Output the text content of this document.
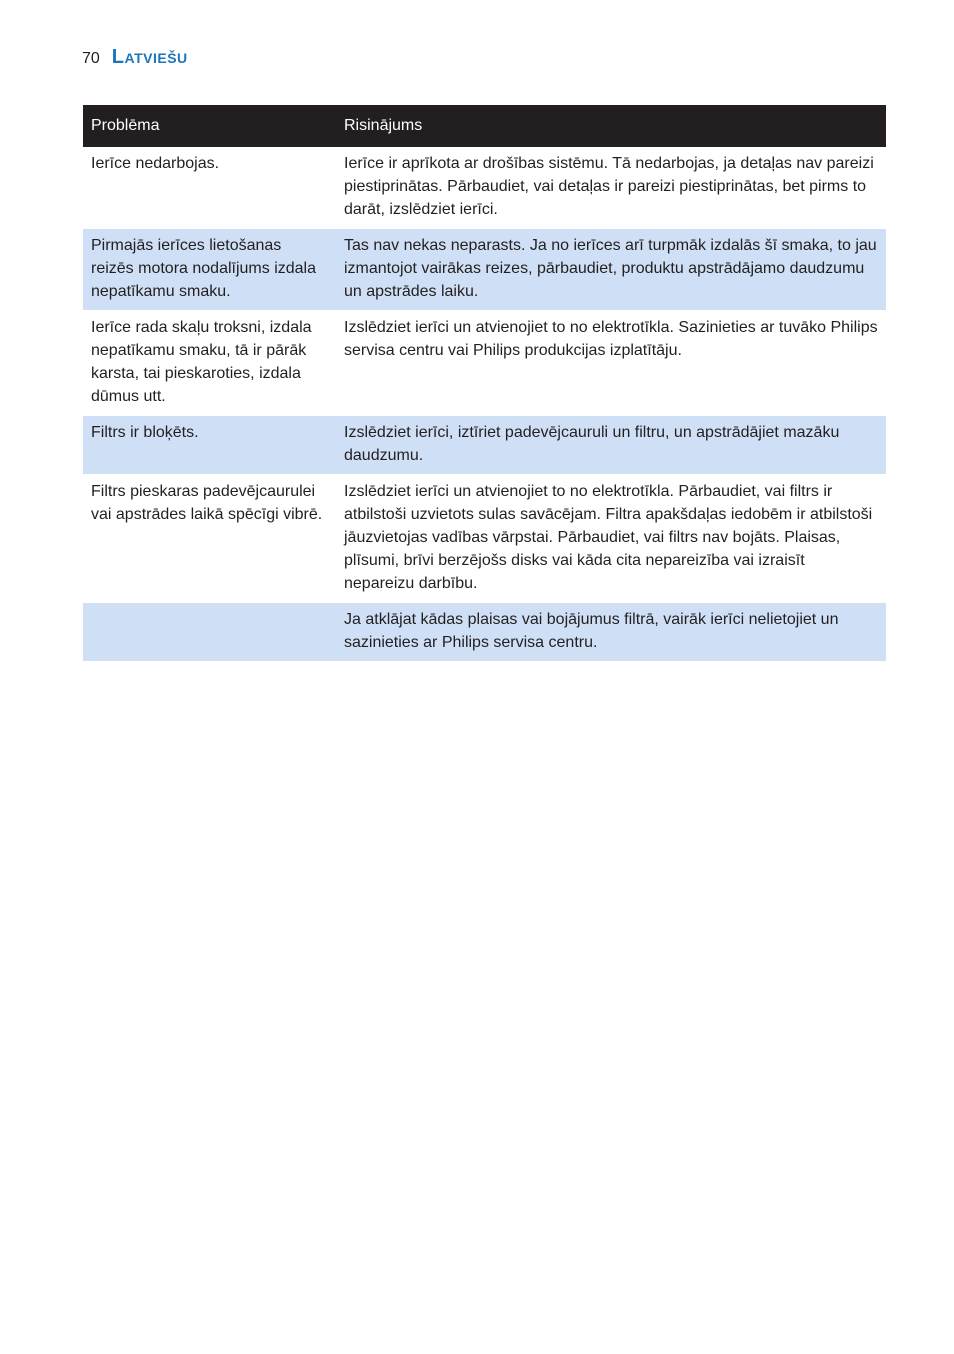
70 Latviešu
Problēma	Risinājums
Ierīce nedarbojas.	Ierīce ir aprīkota ar drošības sistēmu. Tā nedarbojas, ja detaļas nav pareizi piestiprinātas. Pārbaudiet, vai detaļas ir pareizi piestiprinātas, bet pirms to darāt, izslēdziet ierīci.
Pirmajās ierīces lietošanas reizēs motora nodalījums izdala nepatīkamu smaku.	Tas nav nekas neparasts. Ja no ierīces arī turpmāk izdalās šī smaka, to jau izmantojot vairākas reizes, pārbaudiet, produktu apstrādājamo daudzumu un apstrādes laiku.
Ierīce rada skaļu troksni, izdala nepatīkamu smaku, tā ir pārāk karsta, tai pieskaroties, izdala dūmus utt.	Izslēdziet ierīci un atvienojiet to no elektrotīkla. Sazinieties ar tuvāko Philips servisa centru vai Philips produkcijas izplatītāju.
Filtrs ir bloķēts.	Izslēdziet ierīci, iztīriet padevējcauruli un filtru, un apstrādājiet mazāku daudzumu.
Filtrs pieskaras padevējcaurulei vai apstrādes laikā spēcīgi vibrē.	Izslēdziet ierīci un atvienojiet to no elektrotīkla. Pārbaudiet, vai filtrs ir atbilstoši uzvietots sulas savācējam. Filtra apakšdaļas iedobēm ir atbilstoši jāuzvietojas vadības vārpstai. Pārbaudiet, vai filtrs nav bojāts. Plaisas, plīsumi, brīvi berzējošs disks vai kāda cita nepareizība vai izraisīt nepareizu darbību.
	Ja atklājat kādas plaisas vai bojājumus filtrā, vairāk ierīci nelietojiet un sazinieties ar Philips servisa centru.
